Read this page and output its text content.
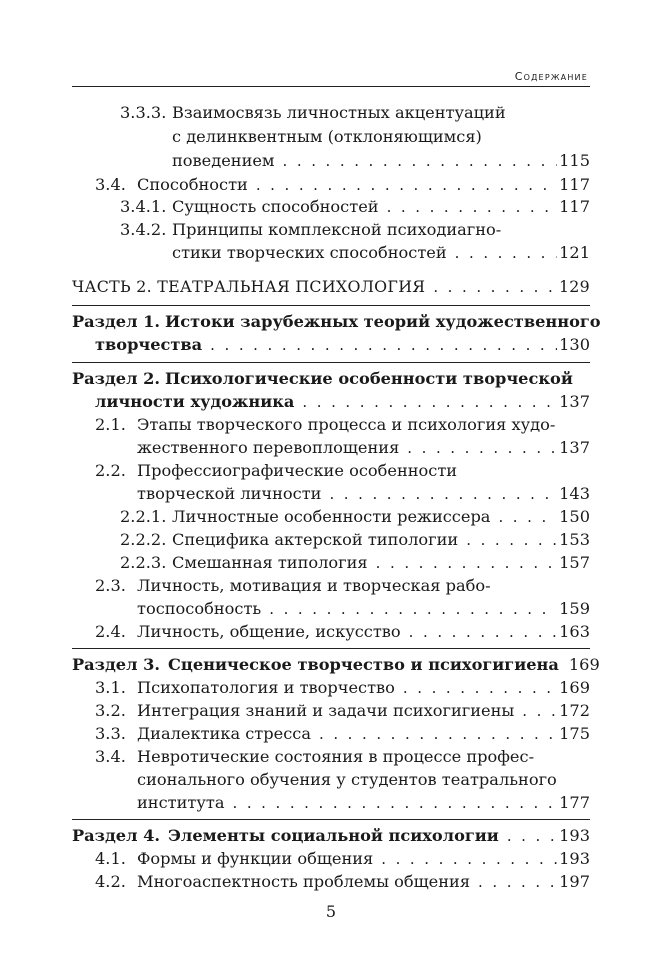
Содержание
3.3.3. Взаимосвязь личностных акцентуаций
с делинквентным (отклоняющимся)
поведением . . .	115
3.4. Способности . . .	117
3.4.1. Сущность способностей . . .	117
3.4.2. Принципы комплексной психодиагно-
стики творческих способностей . . .	121
ЧАСТЬ 2. ТЕАТРАЛЬНАЯ ПСИХОЛОГИЯ . . .	129
Раздел 1. Истоки зарубежных теорий художественного
творчества . . .	130
Раздел 2. Психологические особенности творческой
личности художника . . .	137
2.1. Этапы творческого процесса и психология худо-
жественного перевоплощения . . .	137
2.2. Профессиографические особенности
творческой личности . . .	143
2.2.1. Личностные особенности режиссера . . .	150
2.2.2. Специфика актерской типологии . . .	153
2.2.3. Смешанная типология . . .	157
2.3. Личность, мотивация и творческая рабо-
тоспособность . . .	159
2.4. Личность, общение, искусство . . .	163
Раздел 3. Сценическое творчество и психогигиена 169
3.1. Психопатология и творчество . . .	169
3.2. Интеграция знаний и задачи психогигиены . . .	172
3.3. Диалектика стресса . . .	175
3.4. Невротические состояния в процессе профес-
сионального обучения у студентов театрального
института . . .	177
Раздел 4. Элементы социальной психологии . . .	193
4.1. Формы и функции общения . . .	193
4.2. Многоаспектность проблемы общения . . .	197
5
